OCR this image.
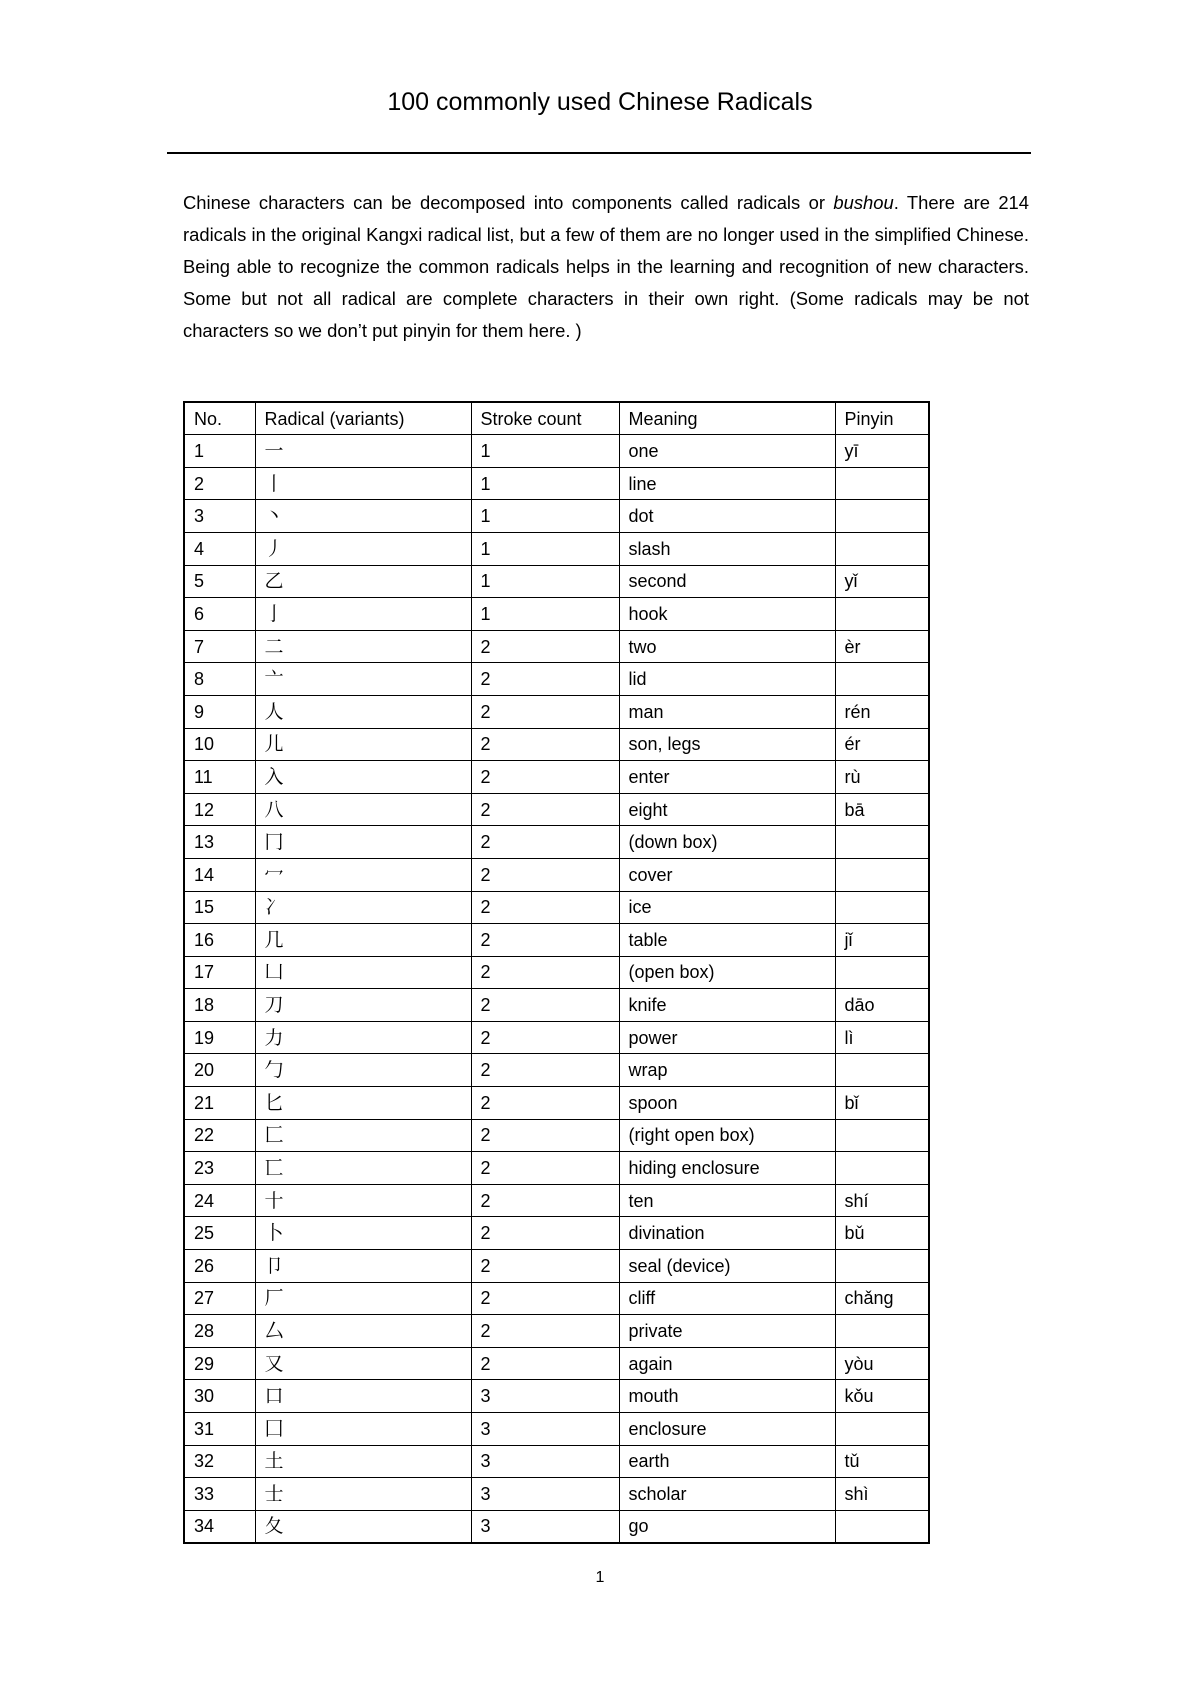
100 commonly used Chinese Radicals

Chinese characters can be decomposed into components called radicals or bushou. There are 214 radicals in the original Kangxi radical list, but a few of them are no longer used in the simplified Chinese. Being able to recognize the common radicals helps in the learning and recognition of new characters. Some but not all radical are complete characters in their own right. (Some radicals may be not characters so we don’t put pinyin for them here. )

No.	Radical (variants)	Stroke count	Meaning	Pinyin
1	一	1	one	yī
2	丨	1	line	
3	丶	1	dot	
4	丿	1	slash	
5	乙	1	second	yǐ
6	亅	1	hook	
7	二	2	two	èr
8	亠	2	lid	
9	人	2	man	rén
10	儿	2	son, legs	ér
11	入	2	enter	rù
12	八	2	eight	bā
13	冂	2	(down box)	
14	冖	2	cover	
15	冫	2	ice	
16	几	2	table	jǐ
17	凵	2	(open box)	
18	刀	2	knife	dāo
19	力	2	power	lì
20	勹	2	wrap	
21	匕	2	spoon	bǐ
22	匚	2	(right open box)	
23	匸	2	hiding enclosure	
24	十	2	ten	shí
25	卜	2	divination	bǔ
26	卩	2	seal (device)	
27	厂	2	cliff	chǎng
28	厶	2	private	
29	又	2	again	yòu
30	口	3	mouth	kǒu
31	囗	3	enclosure	
32	土	3	earth	tǔ
33	士	3	scholar	shì
34	夂	3	go	
1
